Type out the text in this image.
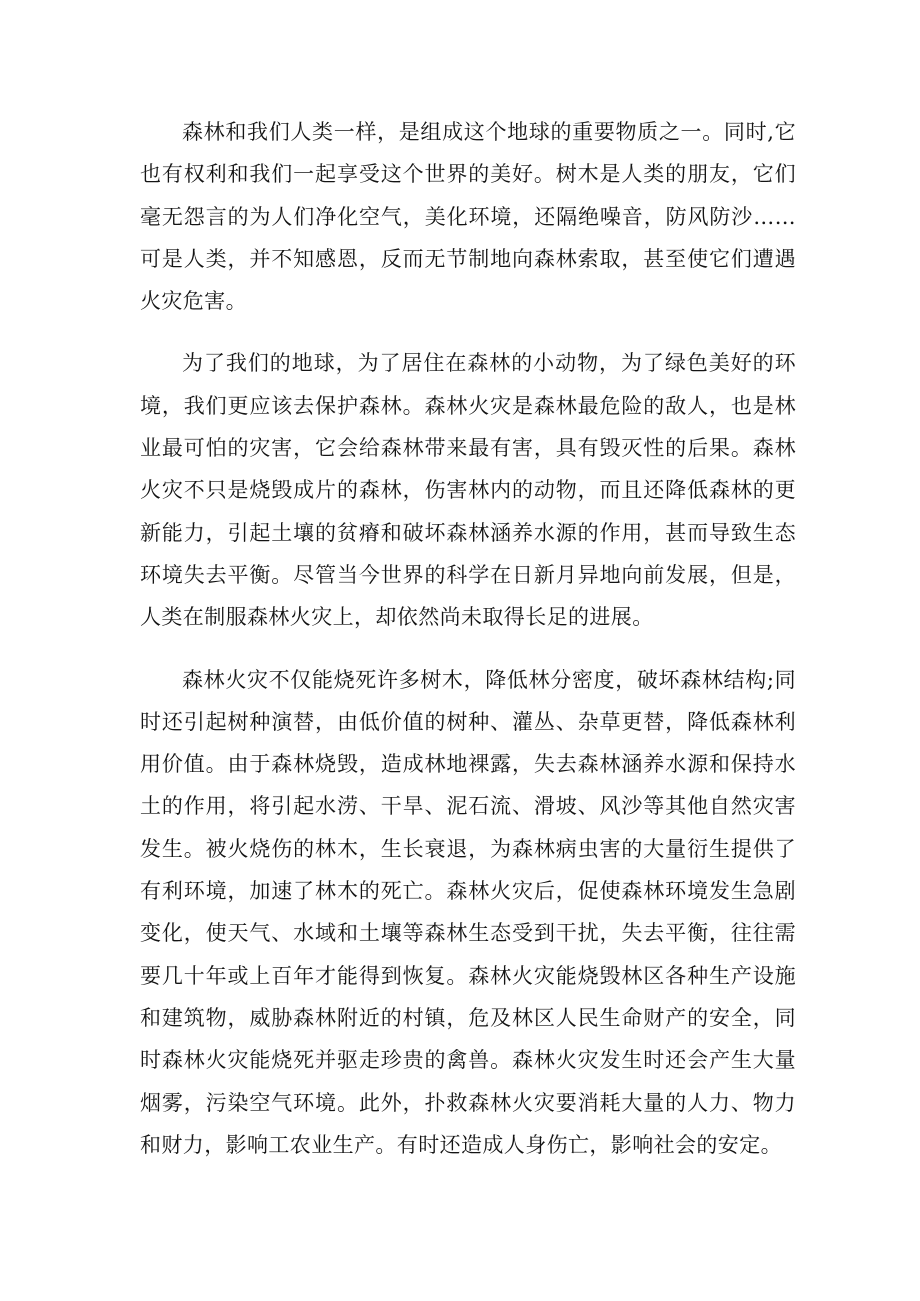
森林和我们人类一样，是组成这个地球的重要物质之一。同时,它也有权利和我们一起享受这个世界的美好。树木是人类的朋友，它们毫无怨言的为人们净化空气，美化环境，还隔绝噪音，防风防沙……可是人类，并不知感恩，反而无节制地向森林索取，甚至使它们遭遇火灾危害。

为了我们的地球，为了居住在森林的小动物，为了绿色美好的环境，我们更应该去保护森林。森林火灾是森林最危险的敌人，也是林业最可怕的灾害，它会给森林带来最有害，具有毁灭性的后果。森林火灾不只是烧毁成片的森林，伤害林内的动物，而且还降低森林的更新能力，引起土壤的贫瘠和破坏森林涵养水源的作用，甚而导致生态环境失去平衡。尽管当今世界的科学在日新月异地向前发展，但是，人类在制服森林火灾上，却依然尚未取得长足的进展。

森林火灾不仅能烧死许多树木，降低林分密度，破坏森林结构;同时还引起树种演替，由低价值的树种、灌丛、杂草更替，降低森林利用价值。由于森林烧毁，造成林地裸露，失去森林涵养水源和保持水土的作用，将引起水涝、干旱、泥石流、滑坡、风沙等其他自然灾害发生。被火烧伤的林木，生长衰退，为森林病虫害的大量衍生提供了有利环境，加速了林木的死亡。森林火灾后，促使森林环境发生急剧变化，使天气、水域和土壤等森林生态受到干扰，失去平衡，往往需要几十年或上百年才能得到恢复。森林火灾能烧毁林区各种生产设施和建筑物，威胁森林附近的村镇，危及林区人民生命财产的安全，同时森林火灾能烧死并驱走珍贵的禽兽。森林火灾发生时还会产生大量烟雾，污染空气环境。此外，扑救森林火灾要消耗大量的人力、物力和财力，影响工农业生产。有时还造成人身伤亡，影响社会的安定。
